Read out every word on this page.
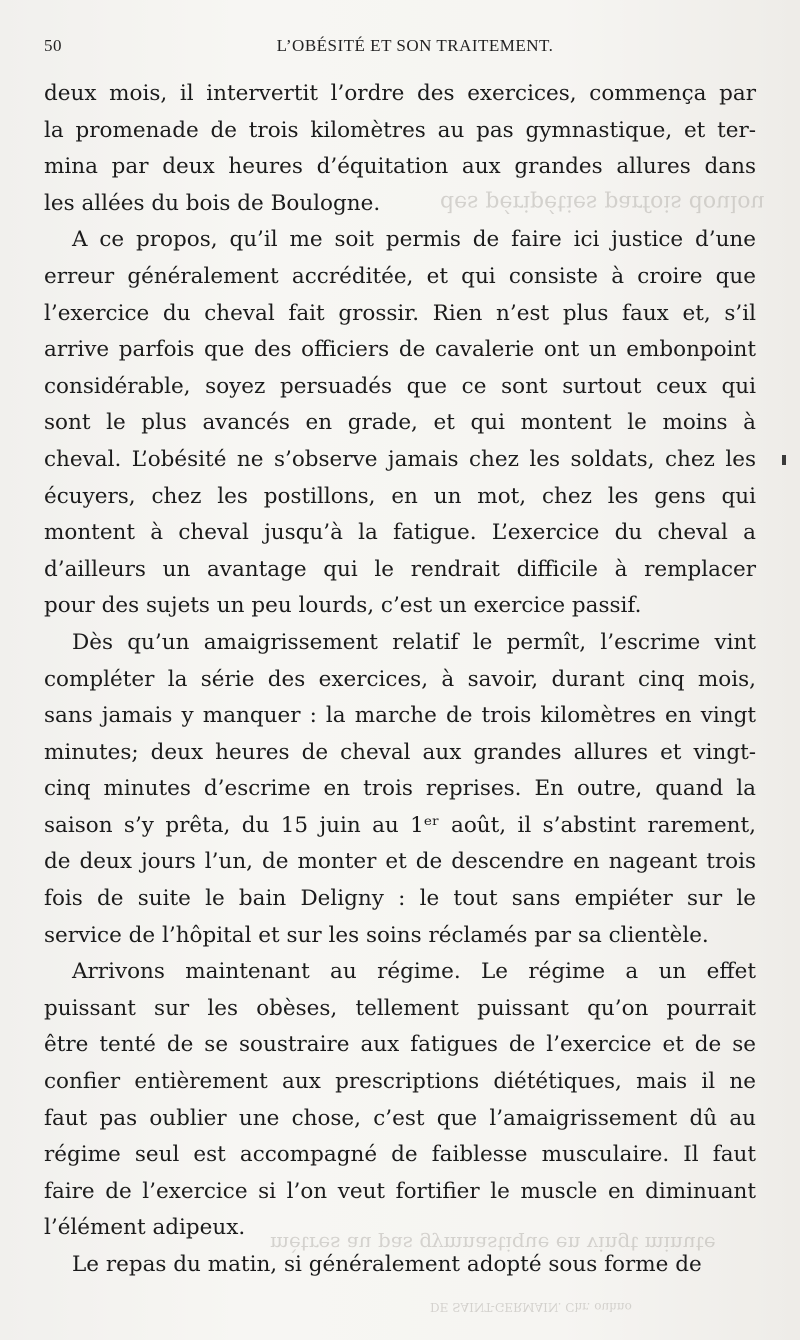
des péripéties parfois doulou
mètres au pas gymnastique en vingt minute
DE SAINT-GERMAIN. Chr. ouhno
50	L’OBÉSITÉ ET SON TRAITEMENT.
deux mois, il intervertit l’ordre des exercices, commença par
la promenade de trois kilomètres au pas gymnastique, et ter-
mina par deux heures d’équitation aux grandes allures dans
les allées du bois de Boulogne.
A ce propos, qu’il me soit permis de faire ici justice d’une
erreur généralement accréditée, et qui consiste à croire que
l’exercice du cheval fait grossir. Rien n’est plus faux et, s’il
arrive parfois que des officiers de cavalerie ont un embonpoint
considérable, soyez persuadés que ce sont surtout ceux qui
sont le plus avancés en grade, et qui montent le moins à
cheval. L’obésité ne s’observe jamais chez les soldats, chez les
écuyers, chez les postillons, en un mot, chez les gens qui
montent à cheval jusqu’à la fatigue. L’exercice du cheval a
d’ailleurs un avantage qui le rendrait difficile à remplacer
pour des sujets un peu lourds, c’est un exercice passif.
Dès qu’un amaigrissement relatif le permît, l’escrime vint
compléter la série des exercices, à savoir, durant cinq mois,
sans jamais y manquer : la marche de trois kilomètres en vingt
minutes; deux heures de cheval aux grandes allures et vingt-
cinq minutes d’escrime en trois reprises. En outre, quand la
saison s’y prêta, du 15 juin au 1ᵉʳ août, il s’abstint rarement,
de deux jours l’un, de monter et de descendre en nageant trois
fois de suite le bain Deligny : le tout sans empiéter sur le
service de l’hôpital et sur les soins réclamés par sa clientèle.
Arrivons maintenant au régime. Le régime a un effet
puissant sur les obèses, tellement puissant qu’on pourrait
être tenté de se soustraire aux fatigues de l’exercice et de se
confier entièrement aux prescriptions diététiques, mais il ne
faut pas oublier une chose, c’est que l’amaigrissement dû au
régime seul est accompagné de faiblesse musculaire. Il faut
faire de l’exercice si l’on veut fortifier le muscle en diminuant
l’élément adipeux.
Le repas du matin, si généralement adopté sous forme de
